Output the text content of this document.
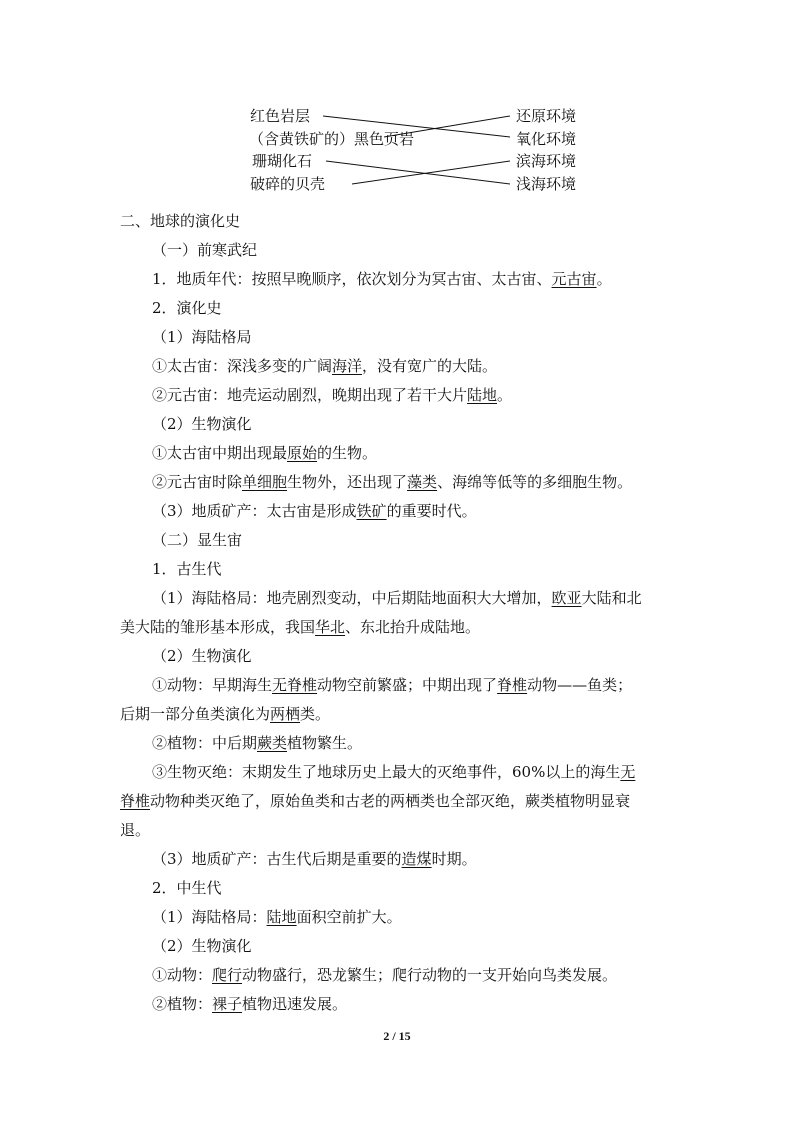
红色岩层
（含黄铁矿的）黑色页岩
珊瑚化石
破碎的贝壳
还原环境
氧化环境
滨海环境
浅海环境
二、地球的演化史
（一）前寒武纪
1．地质年代：按照早晚顺序，依次划分为冥古宙、太古宙、元古宙。
2．演化史
（1）海陆格局
①太古宙：深浅多变的广阔海洋，没有宽广的大陆。
②元古宙：地壳运动剧烈，晚期出现了若干大片陆地。
（2）生物演化
①太古宙中期出现最原始的生物。
②元古宙时除单细胞生物外，还出现了藻类、海绵等低等的多细胞生物。
（3）地质矿产：太古宙是形成铁矿的重要时代。
（二）显生宙
1．古生代
（1）海陆格局：地壳剧烈变动，中后期陆地面积大大增加，欧亚大陆和北
美大陆的雏形基本形成，我国华北、东北抬升成陆地。
（2）生物演化
①动物：早期海生无脊椎动物空前繁盛；中期出现了脊椎动物——鱼类；
后期一部分鱼类演化为两栖类。
②植物：中后期蕨类植物繁生。
③生物灭绝：末期发生了地球历史上最大的灭绝事件，60%以上的海生无
脊椎动物种类灭绝了，原始鱼类和古老的两栖类也全部灭绝，蕨类植物明显衰
退。
（3）地质矿产：古生代后期是重要的造煤时期。
2．中生代
（1）海陆格局：陆地面积空前扩大。
（2）生物演化
①动物：爬行动物盛行，恐龙繁生；爬行动物的一支开始向鸟类发展。
②植物：裸子植物迅速发展。
2 / 15
